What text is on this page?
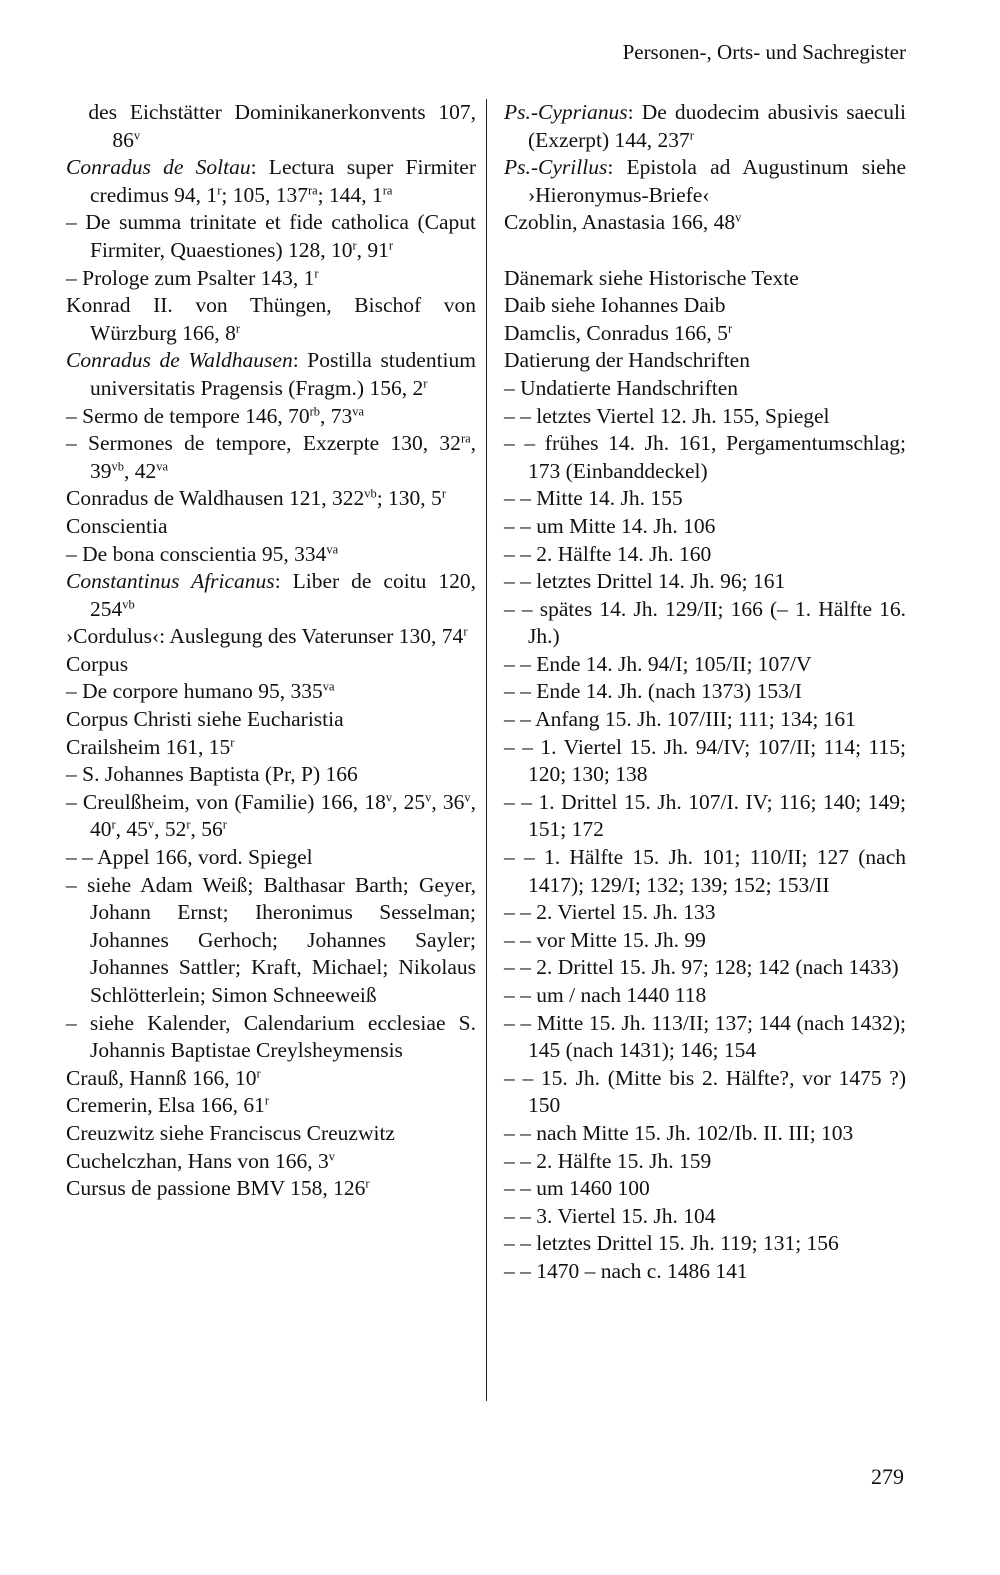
Personen-, Orts- und Sachregister
des Eichstätter Dominikanerkonvents 107, 86$^v$
Conradus de Soltau: Lectura super Firmiter credimus 94, 1$^r$; 105, $137^{ra}$; 144, $1^{ra}$
– De summa trinitate et fide catholica (Caput Firmiter, Quaestiones) 128, 10$^r$, 91$^r$
– Prologe zum Psalter 143, 1$^r$
Konrad II. von Thüngen, Bischof von Würzburg 166, 8$^r$
Conradus de Waldhausen: Postilla studentium universitatis Pragensis (Fragm.) 156, 2$^r$
– Sermo de tempore 146, $70^{rb}$, $73^{va}$
– Sermones de tempore, Exzerpte 130, $32^{ra}$, $39^{vb}$, $42^{va}$
Conradus de Waldhausen 121, $322^{vb}$; 130, 5$^r$
Conscientia
– De bona conscientia 95, $334^{va}$
Constantinus Africanus: Liber de coitu 120, $254^{vb}$
›Cordulus‹: Auslegung des Vaterunser 130, 74$^r$
Corpus
– De corpore humano 95, $335^{va}$
Corpus Christi siehe Eucharistia
Crailsheim 161, 15$^r$
– S. Johannes Baptista (Pr, P) 166
– Creulßheim, von (Familie) 166, 18$^v$, 25$^v$, 36$^v$, 40$^r$, 45$^v$, 52$^r$, 56$^r$
– – Appel 166, vord. Spiegel
– siehe Adam Weiß; Balthasar Barth; Geyer, Johann Ernst; Iheronimus Sesselman; Johannes Gerhoch; Johannes Sayler; Johannes Sattler; Kraft, Michael; Nikolaus Schlötterlein; Simon Schneeweiß
– siehe Kalender, Calendarium ecclesiae S. Johannis Baptistae Creylsheymensis
Crauß, Hannß 166, 10$^r$
Cremerin, Elsa 166, 61$^r$
Creuzwitz siehe Franciscus Creuzwitz
Cuchelczhan, Hans von 166, 3$^v$
Cursus de passione BMV 158, 126$^r$
Ps.-Cyprianus: De duodecim abusivis saeculi (Exzerpt) 144, 237$^r$
Ps.-Cyrillus: Epistola ad Augustinum siehe ›Hieronymus-Briefe‹
Czoblin, Anastasia 166, 48$^v$

Dänemark siehe Historische Texte
Daib siehe Iohannes Daib
Damclis, Conradus 166, 5$^r$
Datierung der Handschriften
– Undatierte Handschriften
– – letztes Viertel 12. Jh. 155, Spiegel
– – frühes 14. Jh. 161, Pergamentumschlag; 173 (Einbanddeckel)
– – Mitte 14. Jh. 155
– – um Mitte 14. Jh. 106
– – 2. Hälfte 14. Jh. 160
– – letztes Drittel 14. Jh. 96; 161
– – spätes 14. Jh. 129/II; 166 (– 1. Hälfte 16. Jh.)
– – Ende 14. Jh. 94/I; 105/II; 107/V
– – Ende 14. Jh. (nach 1373) 153/I
– – Anfang 15. Jh. 107/III; 111; 134; 161
– – 1. Viertel 15. Jh. 94/IV; 107/II; 114; 115; 120; 130; 138
– – 1. Drittel 15. Jh. 107/I. IV; 116; 140; 149; 151; 172
– – 1. Hälfte 15. Jh. 101; 110/II; 127 (nach 1417); 129/I; 132; 139; 152; 153/II
– – 2. Viertel 15. Jh. 133
– – vor Mitte 15. Jh. 99
– – 2. Drittel 15. Jh. 97; 128; 142 (nach 1433)
– – um / nach 1440 118
– – Mitte 15. Jh. 113/II; 137; 144 (nach 1432); 145 (nach 1431); 146; 154
– – 15. Jh. (Mitte bis 2. Hälfte?, vor 1475 ?) 150
– – nach Mitte 15. Jh. 102/Ib. II. III; 103
– – 2. Hälfte 15. Jh. 159
– – um 1460 100
– – 3. Viertel 15. Jh. 104
– – letztes Drittel 15. Jh. 119; 131; 156
– – 1470 – nach c. 1486 141
279
